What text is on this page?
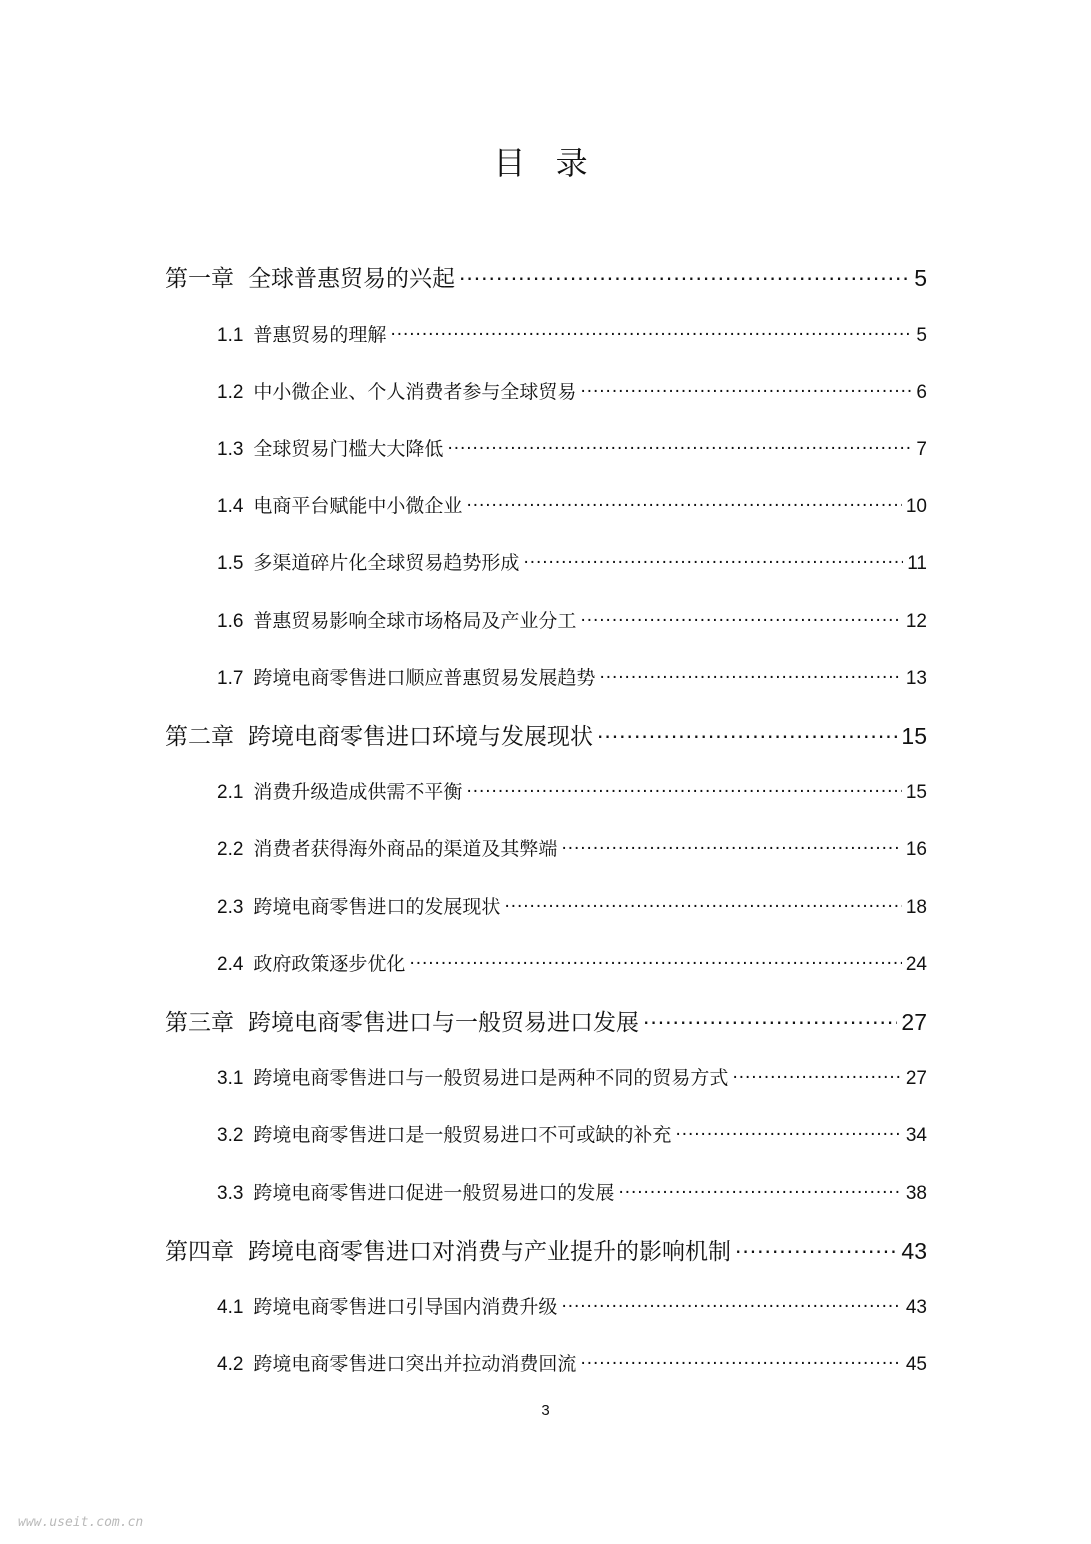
目 录
第一章 全球普惠贸易的兴起 .....	5
1.1 普惠贸易的理解 .....	5
1.2 中小微企业、个人消费者参与全球贸易 .....	6
1.3 全球贸易门槛大大降低 .....	7
1.4 电商平台赋能中小微企业 .....	10
1.5 多渠道碎片化全球贸易趋势形成 .....	11
1.6 普惠贸易影响全球市场格局及产业分工 .....	12
1.7 跨境电商零售进口顺应普惠贸易发展趋势 .....	13
第二章 跨境电商零售进口环境与发展现状 .....	15
2.1 消费升级造成供需不平衡 .....	15
2.2 消费者获得海外商品的渠道及其弊端 .....	16
2.3 跨境电商零售进口的发展现状 .....	18
2.4 政府政策逐步优化 .....	24
第三章 跨境电商零售进口与一般贸易进口发展 .....	27
3.1 跨境电商零售进口与一般贸易进口是两种不同的贸易方式 .....	27
3.2 跨境电商零售进口是一般贸易进口不可或缺的补充 .....	34
3.3 跨境电商零售进口促进一般贸易进口的发展 .....	38
第四章 跨境电商零售进口对消费与产业提升的影响机制 .....	43
4.1 跨境电商零售进口引导国内消费升级 .....	43
4.2 跨境电商零售进口突出并拉动消费回流 .....	45
3
www.useit.com.cn
